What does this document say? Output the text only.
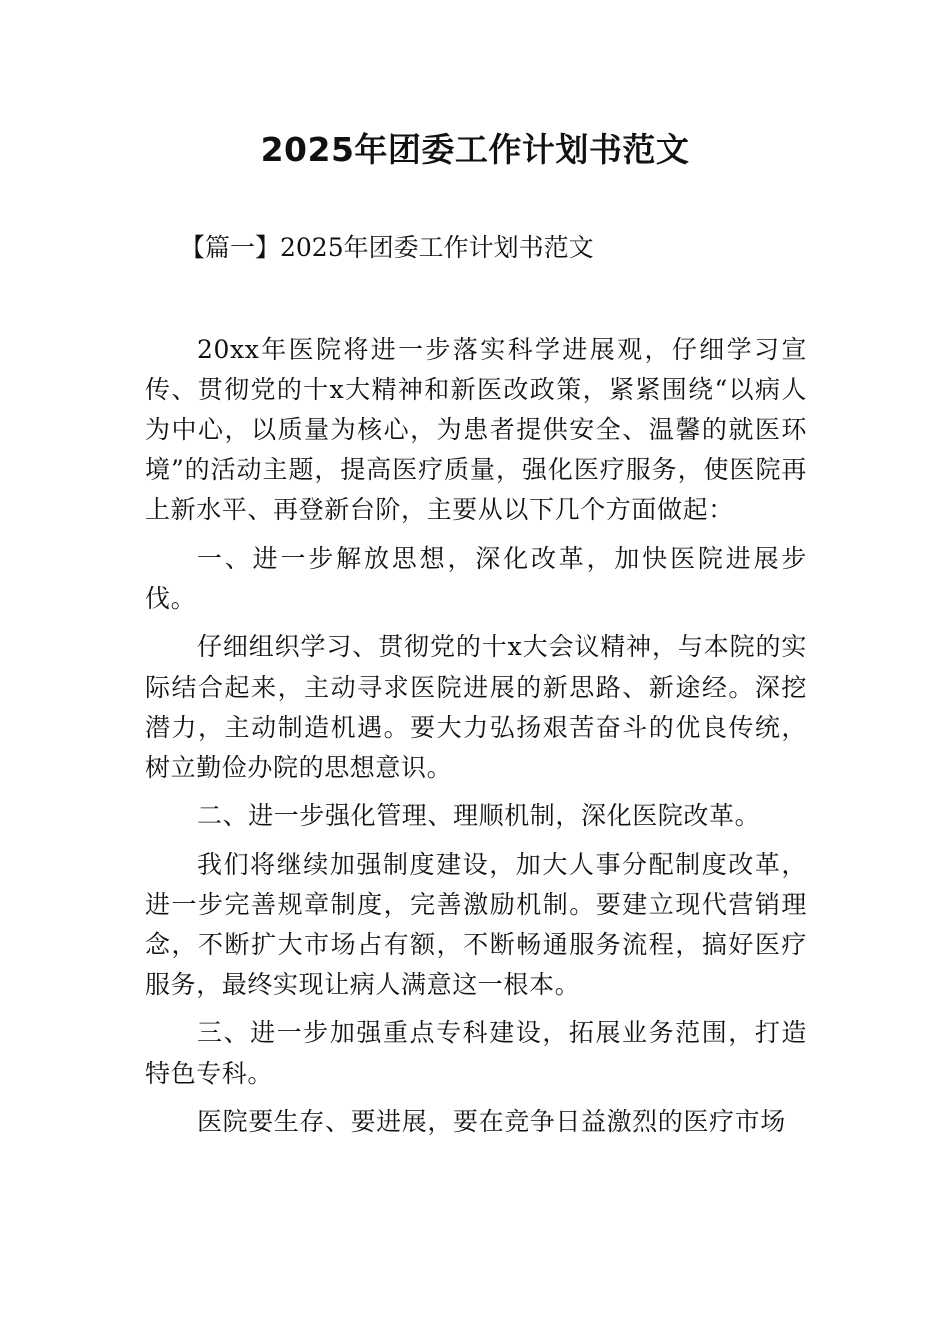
2025年团委工作计划书范文
【篇一】2025年团委工作计划书范文

20xx年医院将进一步落实科学进展观，仔细学习宣传、贯彻党的十x大精神和新医改政策，紧紧围绕“以病人为中心，以质量为核心，为患者提供安全、温馨的就医环境”的活动主题，提高医疗质量，强化医疗服务，使医院再上新水平、再登新台阶，主要从以下几个方面做起：

一、进一步解放思想，深化改革，加快医院进展步伐。

仔细组织学习、贯彻党的十x大会议精神，与本院的实际结合起来，主动寻求医院进展的新思路、新途经。深挖潜力，主动制造机遇。要大力弘扬艰苦奋斗的优良传统，树立勤俭办院的思想意识。

二、进一步强化管理、理顺机制，深化医院改革。

我们将继续加强制度建设，加大人事分配制度改革，进一步完善规章制度，完善激励机制。要建立现代营销理念，不断扩大市场占有额，不断畅通服务流程，搞好医疗服务，最终实现让病人满意这一根本。

三、进一步加强重点专科建设，拓展业务范围，打造特色专科。

医院要生存、要进展，要在竞争日益激烈的医疗市场
